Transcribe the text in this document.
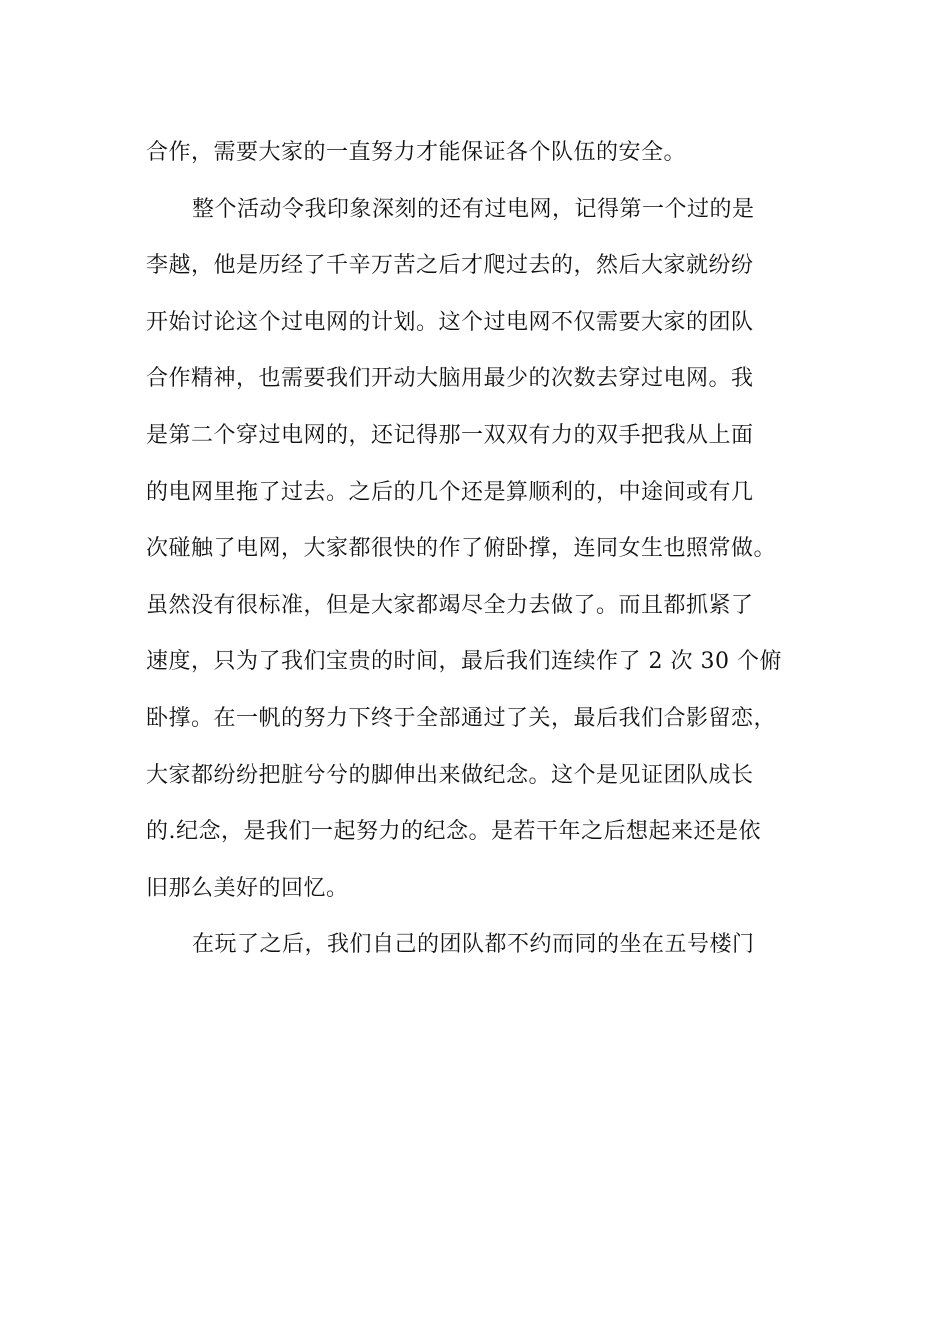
合作，需要大家的一直努力才能保证各个队伍的安全。
整个活动令我印象深刻的还有过电网，记得第一个过的是
李越，他是历经了千辛万苦之后才爬过去的，然后大家就纷纷
开始讨论这个过电网的计划。这个过电网不仅需要大家的团队
合作精神，也需要我们开动大脑用最少的次数去穿过电网。我
是第二个穿过电网的，还记得那一双双有力的双手把我从上面
的电网里拖了过去。之后的几个还是算顺利的，中途间或有几
次碰触了电网，大家都很快的作了俯卧撑，连同女生也照常做。
虽然没有很标准，但是大家都竭尽全力去做了。而且都抓紧了
速度，只为了我们宝贵的时间，最后我们连续作了 2 次 30 个俯
卧撑。在一帆的努力下终于全部通过了关，最后我们合影留恋，
大家都纷纷把脏兮兮的脚伸出来做纪念。这个是见证团队成长
的.纪念，是我们一起努力的纪念。是若干年之后想起来还是依
旧那么美好的回忆。
在玩了之后，我们自己的团队都不约而同的坐在五号楼门
